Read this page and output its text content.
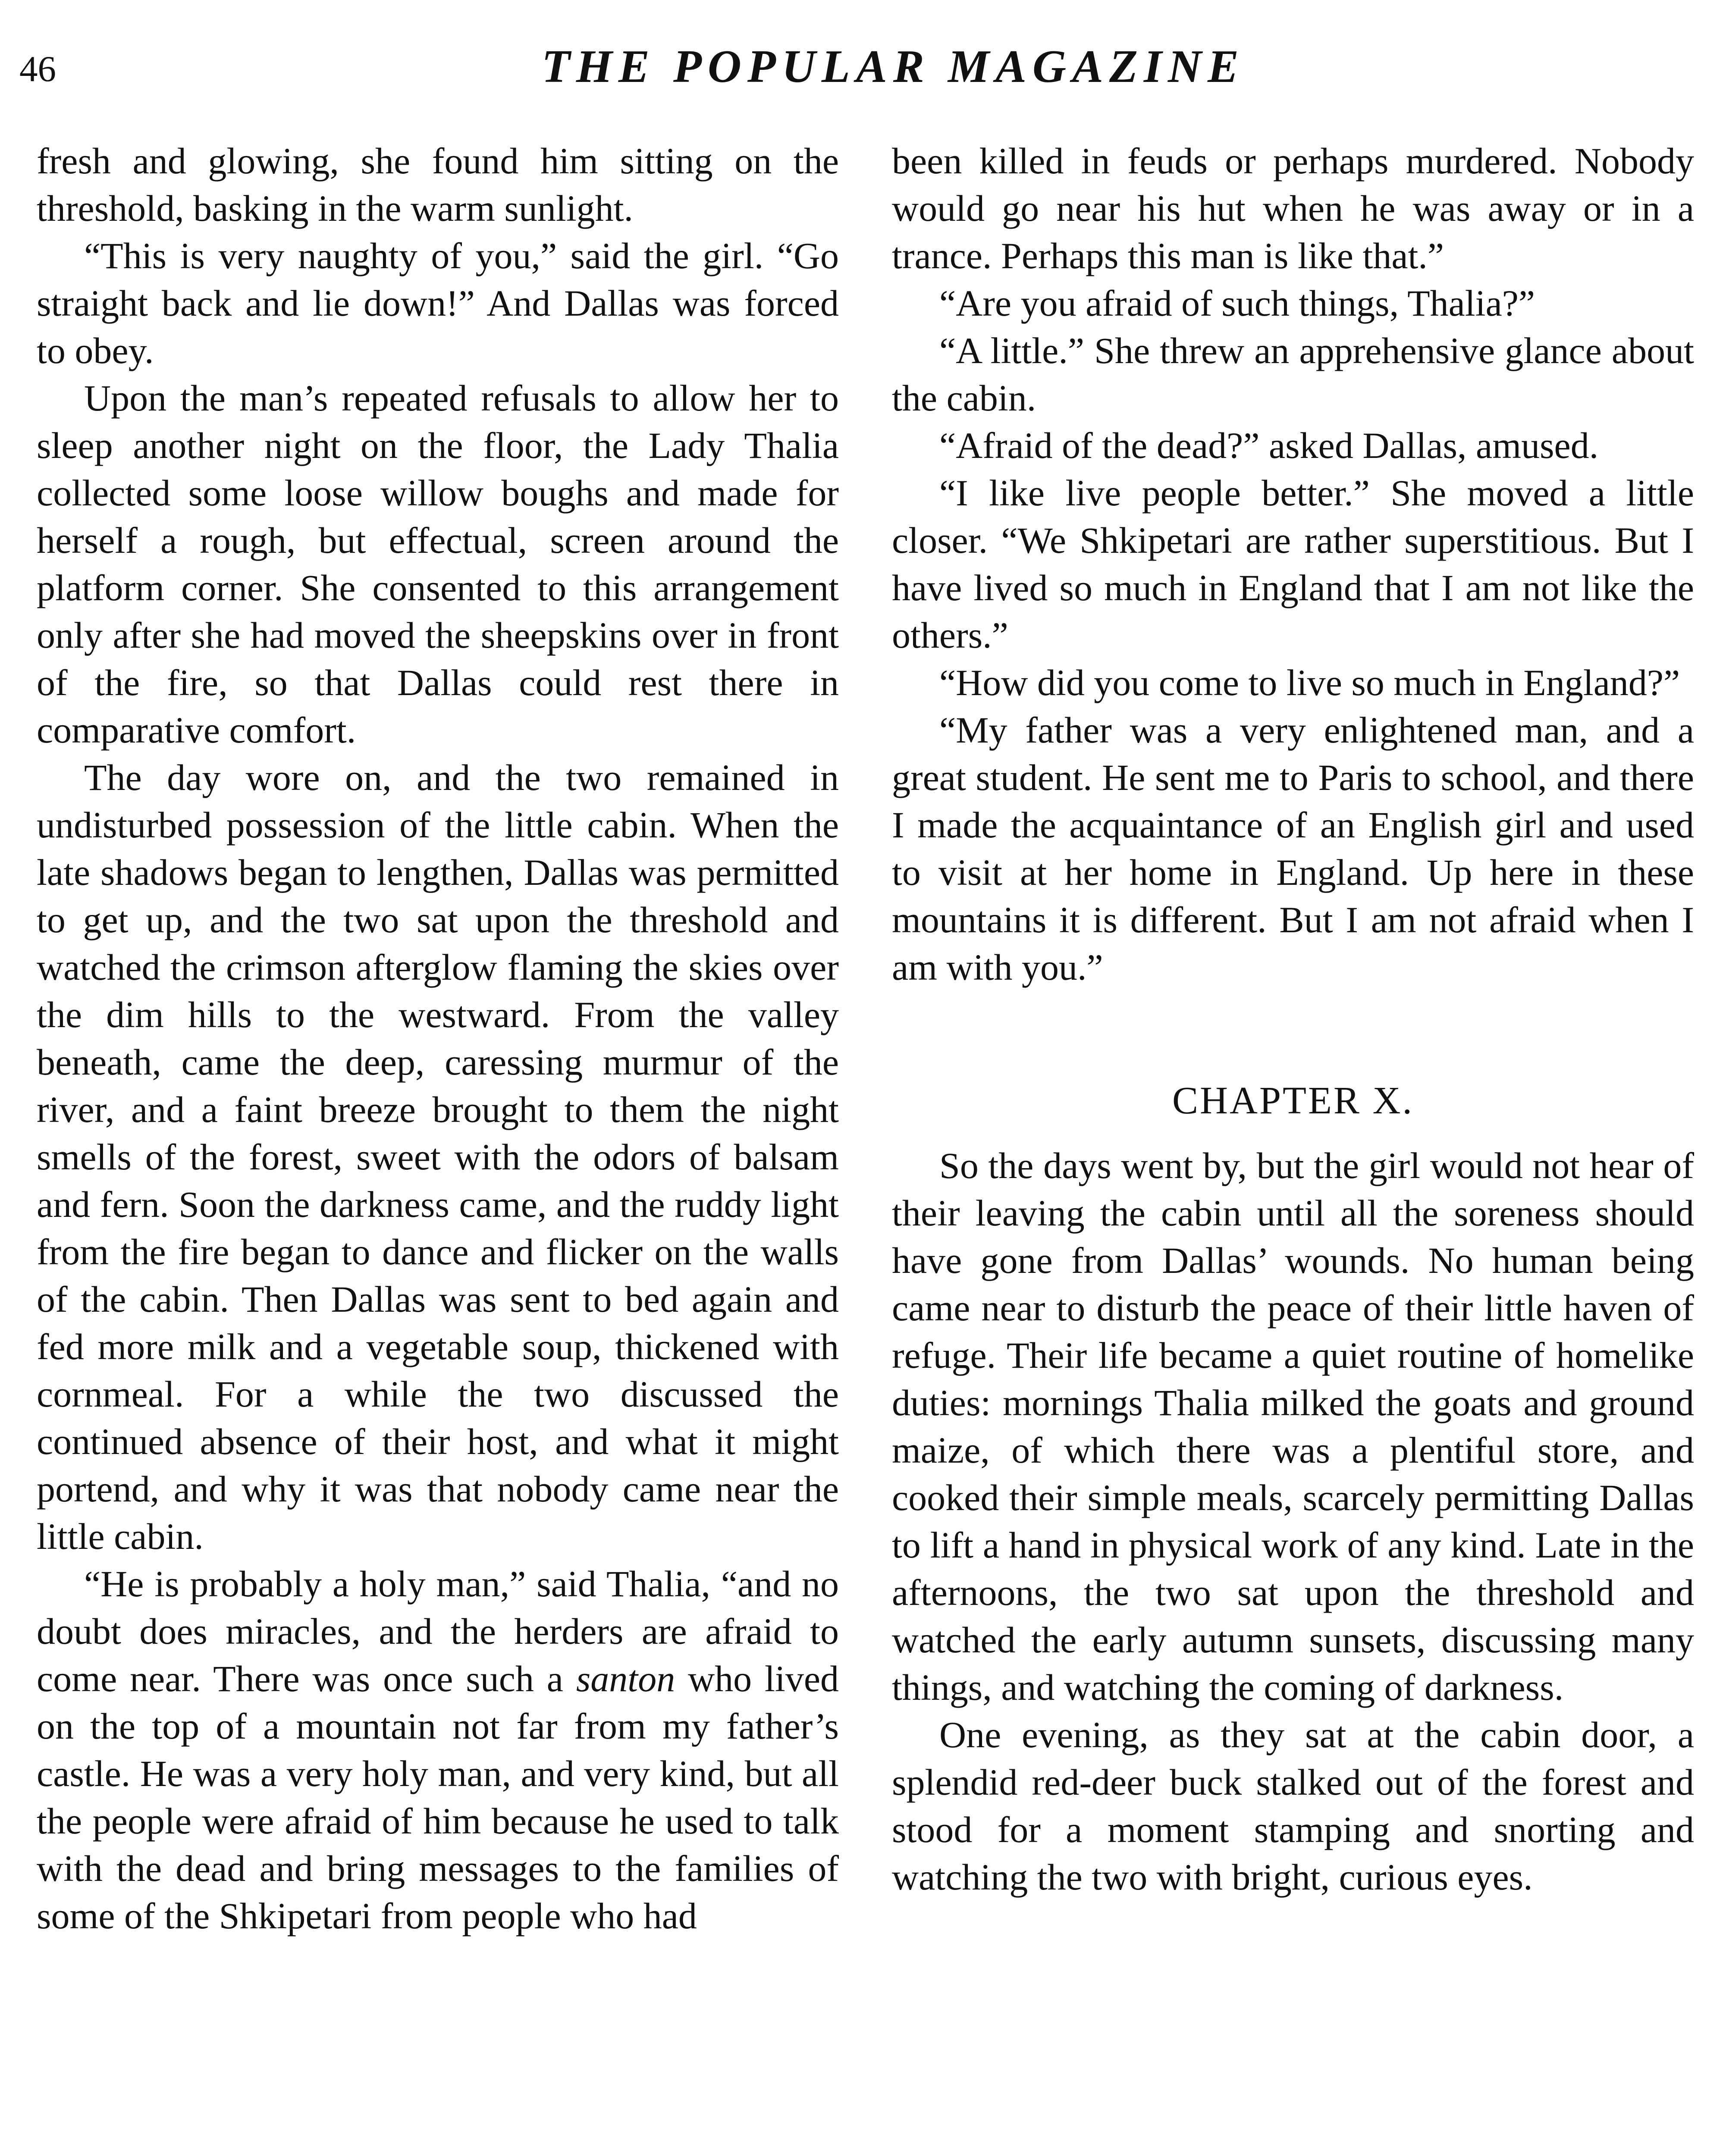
46	THE POPULAR MAGAZINE

fresh and glowing, she found him sitting on the threshold, basking in the warm sunlight.

“This is very naughty of you,” said the girl. “Go straight back and lie down!” And Dallas was forced to obey.

Upon the man’s repeated refusals to allow her to sleep another night on the floor, the Lady Thalia collected some loose willow boughs and made for herself a rough, but effectual, screen around the platform corner. She consented to this arrangement only after she had moved the sheepskins over in front of the fire, so that Dallas could rest there in comparative comfort.

The day wore on, and the two remained in undisturbed possession of the little cabin. When the late shadows began to lengthen, Dallas was permitted to get up, and the two sat upon the threshold and watched the crimson afterglow flaming the skies over the dim hills to the westward. From the valley beneath, came the deep, caressing murmur of the river, and a faint breeze brought to them the night smells of the forest, sweet with the odors of balsam and fern. Soon the darkness came, and the ruddy light from the fire began to dance and flicker on the walls of the cabin. Then Dallas was sent to bed again and fed more milk and a vegetable soup, thickened with cornmeal. For a while the two discussed the continued absence of their host, and what it might portend, and why it was that nobody came near the little cabin.

“He is probably a holy man,” said Thalia, “and no doubt does miracles, and the herders are afraid to come near. There was once such a santon who lived on the top of a mountain not far from my father’s castle. He was a very holy man, and very kind, but all the people were afraid of him because he used to talk with the dead and bring messages to the families of some of the Shkipetari from people who had

been killed in feuds or perhaps murdered. Nobody would go near his hut when he was away or in a trance. Perhaps this man is like that.”

“Are you afraid of such things, Thalia?”

“A little.” She threw an apprehensive glance about the cabin.

“Afraid of the dead?” asked Dallas, amused.

“I like live people better.” She moved a little closer. “We Shkipetari are rather superstitious. But I have lived so much in England that I am not like the others.”

“How did you come to live so much in England?”

“My father was a very enlightened man, and a great student. He sent me to Paris to school, and there I made the acquaintance of an English girl and used to visit at her home in England. Up here in these mountains it is different. But I am not afraid when I am with you.”

CHAPTER X.

So the days went by, but the girl would not hear of their leaving the cabin until all the soreness should have gone from Dallas’ wounds. No human being came near to disturb the peace of their little haven of refuge. Their life became a quiet routine of homelike duties: mornings Thalia milked the goats and ground maize, of which there was a plentiful store, and cooked their simple meals, scarcely permitting Dallas to lift a hand in physical work of any kind. Late in the afternoons, the two sat upon the threshold and watched the early autumn sunsets, discussing many things, and watching the coming of darkness.

One evening, as they sat at the cabin door, a splendid red-deer buck stalked out of the forest and stood for a moment stamping and snorting and watching the two with bright, curious eyes.
